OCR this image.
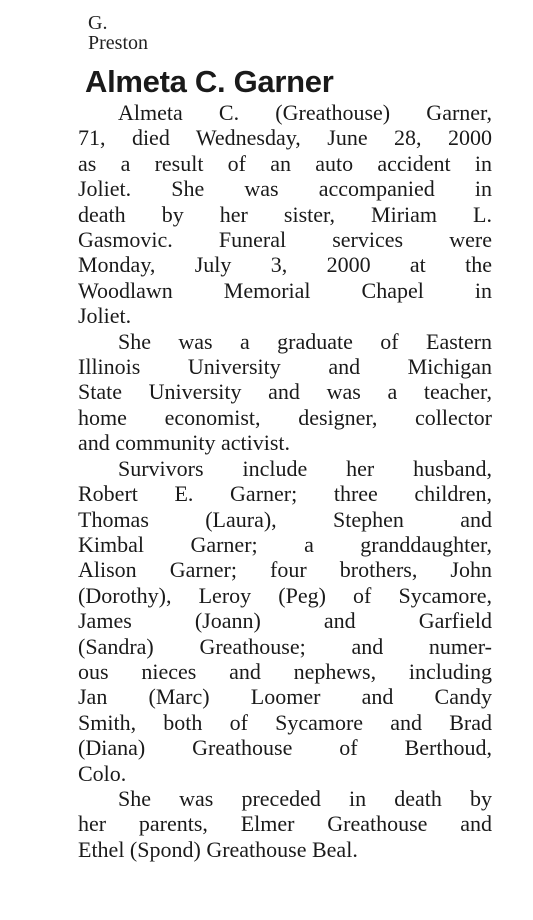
G. Preston
Almeta C. Garner

Almeta C. (Greathouse) Garner,
71, died Wednesday, June 28, 2000
as a result of an auto accident in
Joliet. She was accompanied in
death by her sister, Miriam L.
Gasmovic. Funeral services were
Monday, July 3, 2000 at the
Woodlawn Memorial Chapel in
Joliet.

She was a graduate of Eastern
Illinois University and Michigan
State University and was a teacher,
home economist, designer, collector
and community activist.

Survivors include her husband,
Robert E. Garner; three children,
Thomas (Laura), Stephen and
Kimbal Garner; a granddaughter,
Alison Garner; four brothers, John
(Dorothy), Leroy (Peg) of Sycamore,
James (Joann) and Garfield
(Sandra) Greathouse; and numer-
ous nieces and nephews, including
Jan (Marc) Loomer and Candy
Smith, both of Sycamore and Brad
(Diana) Greathouse of Berthoud,
Colo.

She was preceded in death by
her parents, Elmer Greathouse and
Ethel (Spond) Greathouse Beal.
